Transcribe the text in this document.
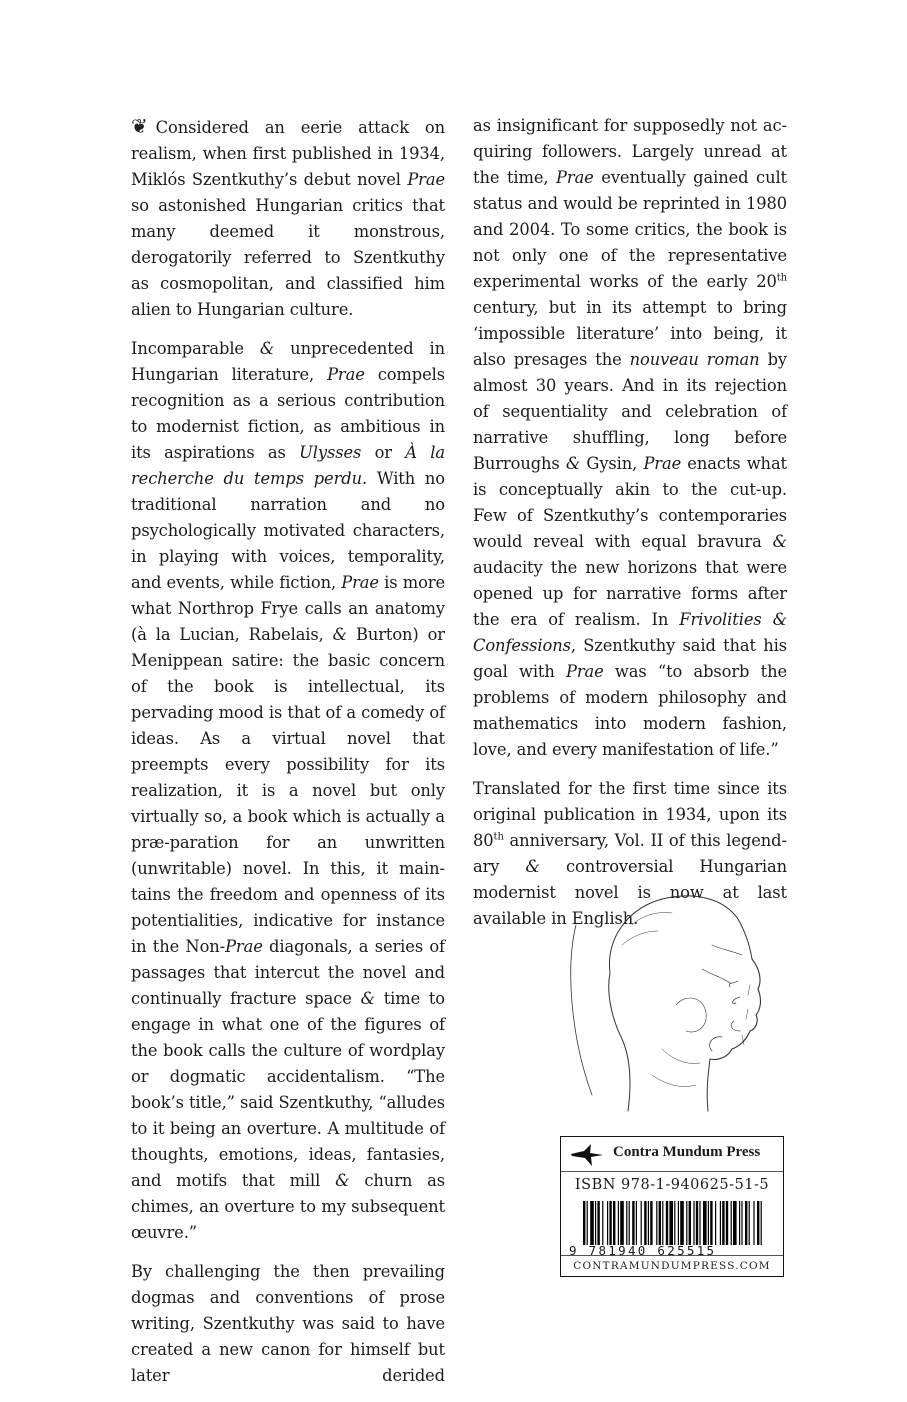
❦ Considered an eerie attack on realism, when first published in 1934, Miklós Szentkuthy’s debut novel Prae so astonished Hungarian critics that many deemed it monstrous, derogatorily referred to Szentkuthy as cosmopolitan, and classified him alien to Hungarian culture.

Incomparable & unprecedented in Hungarian literature, Prae compels recognition as a serious contribution to modernist fiction, as ambitious in its aspirations as Ulysses or À la recherche du temps perdu. With no traditional narration and no psychologically motivated characters, in playing with voices, temporality, and events, while fiction, Prae is more what Northrop Frye calls an anatomy (à la Lucian, Rabelais, & Burton) or Menippean satire: the basic concern of the book is intellectual, its pervading mood is that of a comedy of ideas. As a virtual novel that preempts every possibility for its realization, it is a novel but only virtually so, a book which is actually a præ-paration for an unwritten (unwritable) novel. In this, it maintains the freedom and openness of its potentialities, indicative for instance in the Non-Prae diagonals, a series of passages that intercut the novel and continually fracture space & time to engage in what one of the figures of the book calls the culture of wordplay or dogmatic accidentalism. “The book’s title,” said Szentkuthy, “alludes to it being an overture. A multitude of thoughts, emotions, ideas, fantasies, and motifs that mill & churn as chimes, an overture to my subsequent œuvre.”

By challenging the then prevailing dogmas and conventions of prose writing, Szentkuthy was said to have created a new canon for himself but later derided

as insignificant for supposedly not acquiring followers. Largely unread at the time, Prae eventually gained cult status and would be reprinted in 1980 and 2004. To some critics, the book is not only one of the representative experimental works of the early 20th century, but in its attempt to bring ‘impossible literature’ into being, it also presages the nouveau roman by almost 30 years. And in its rejection of sequentiality and celebration of narrative shuffling, long before Burroughs & Gysin, Prae enacts what is conceptually akin to the cut-up. Few of Szentkuthy’s contemporaries would reveal with equal bravura & audacity the new horizons that were opened up for narrative forms after the era of realism. In Frivolities & Confessions, Szentkuthy said that his goal with Prae was “to absorb the problems of modern philosophy and mathematics into modern fashion, love, and every manifestation of life.”

Translated for the first time since its original publication in 1934, upon its 80th anniversary, Vol. II of this legendary & controversial Hungarian modernist novel is now at last available in English.

Contra Mundum Press
ISBN 978-1-940625-51-5
9 781940 625515
CONTRAMUNDUMPRESS.COM
